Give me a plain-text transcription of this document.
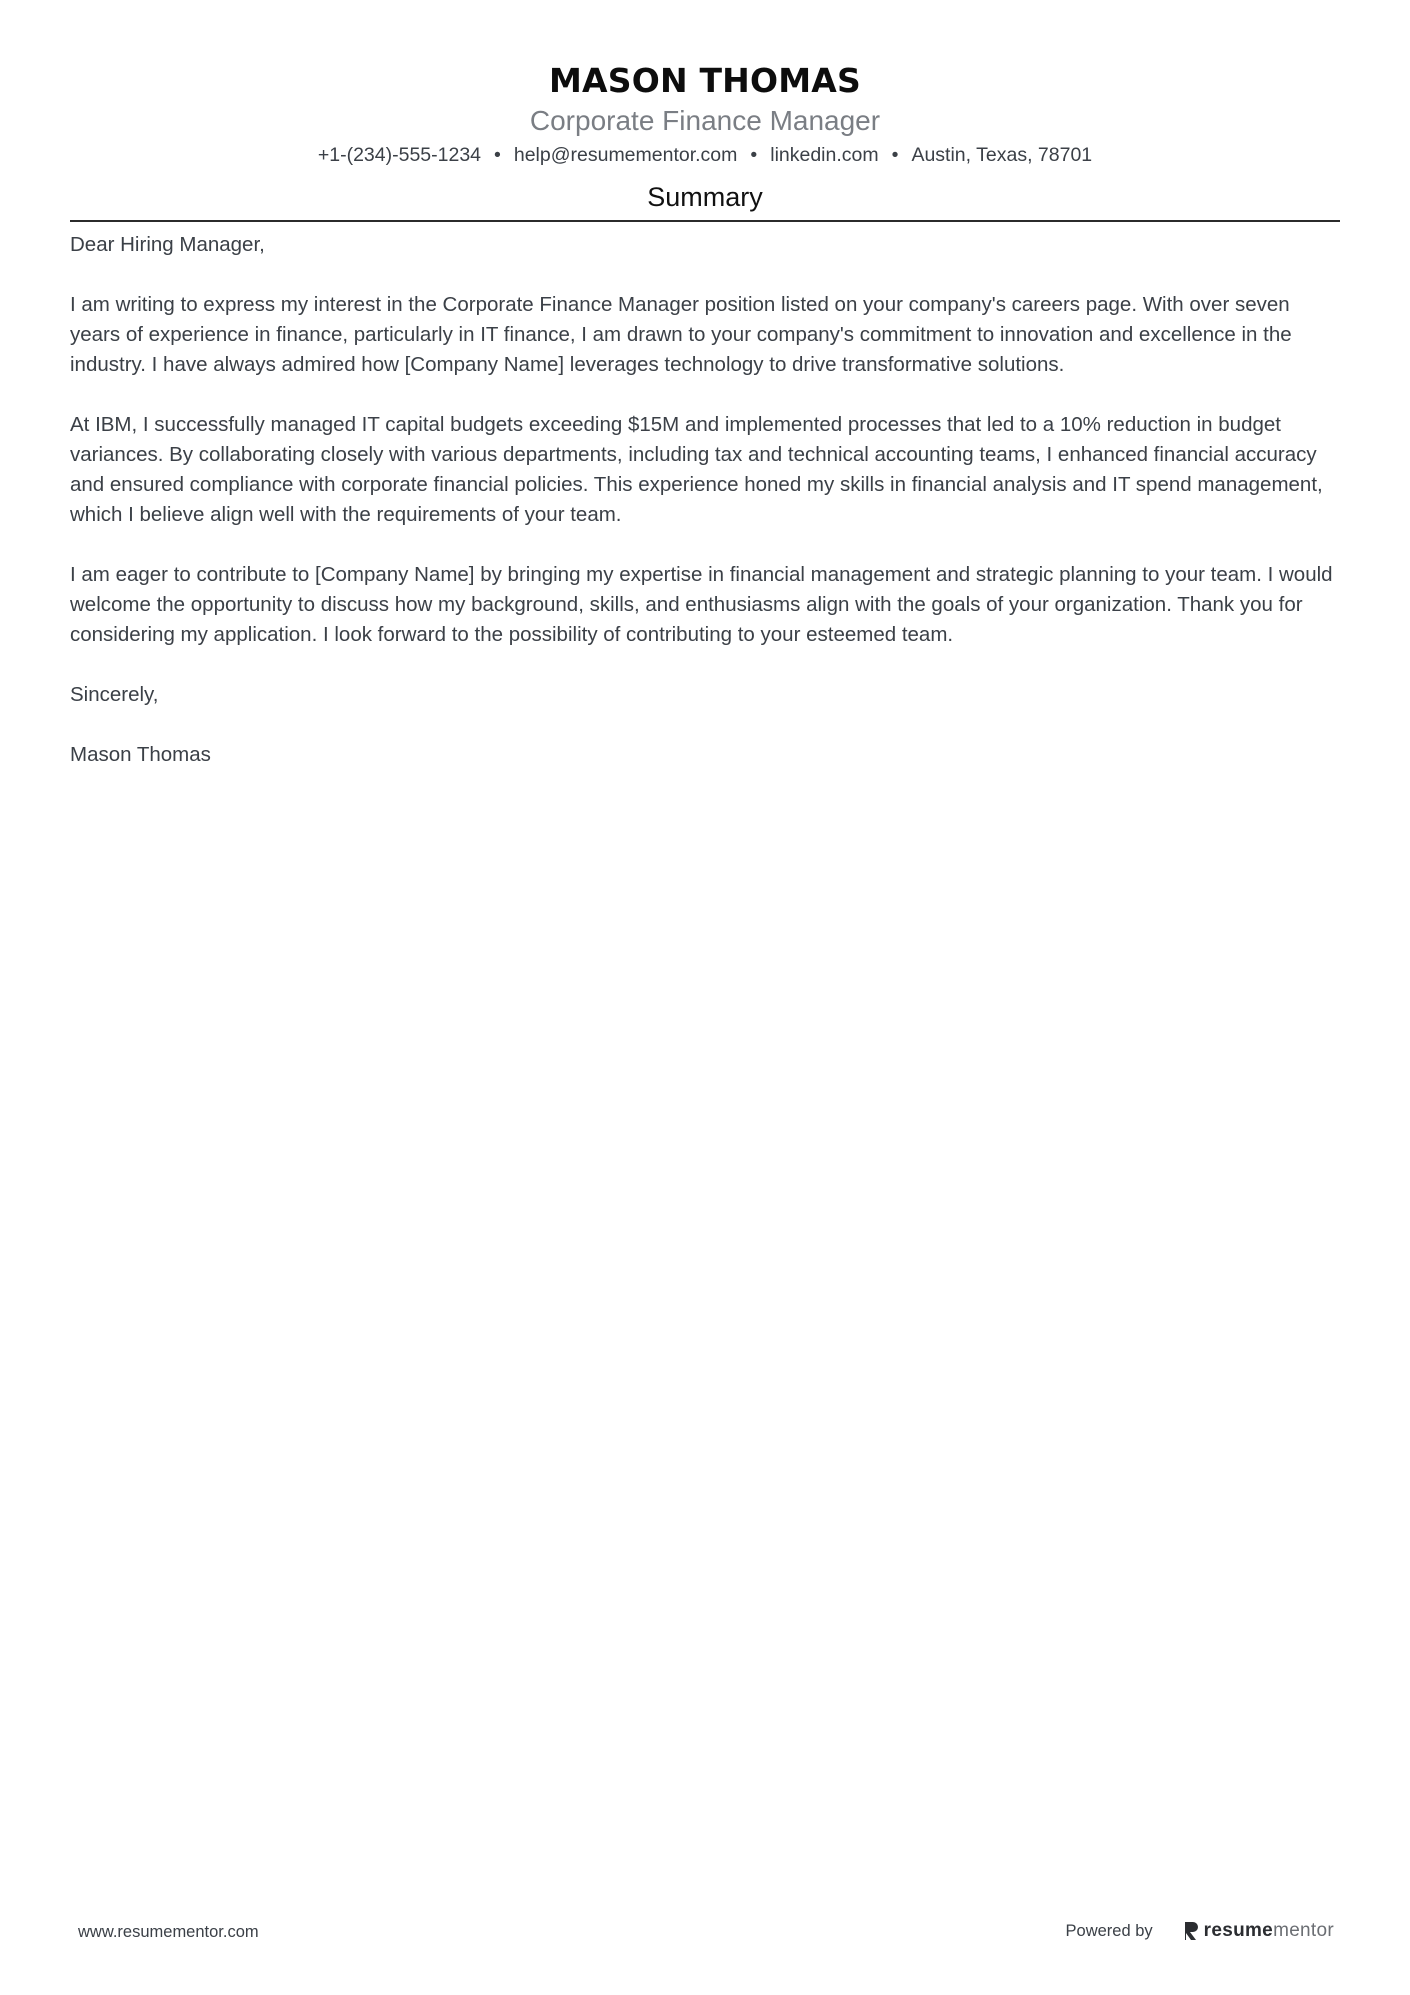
MASON THOMAS
Corporate Finance Manager
+1-(234)-555-1234 • help@resumementor.com • linkedin.com • Austin, Texas, 78701
Summary

Dear Hiring Manager,

I am writing to express my interest in the Corporate Finance Manager position listed on your company's careers page. With over seven years of experience in finance, particularly in IT finance, I am drawn to your company's commitment to innovation and excellence in the industry. I have always admired how [Company Name] leverages technology to drive transformative solutions.

At IBM, I successfully managed IT capital budgets exceeding $15M and implemented processes that led to a 10% reduction in budget variances. By collaborating closely with various departments, including tax and technical accounting teams, I enhanced financial accuracy and ensured compliance with corporate financial policies. This experience honed my skills in financial analysis and IT spend management, which I believe align well with the requirements of your team.

I am eager to contribute to [Company Name] by bringing my expertise in financial management and strategic planning to your team. I would welcome the opportunity to discuss how my background, skills, and enthusiasms align with the goals of your organization. Thank you for considering my application. I look forward to the possibility of contributing to your esteemed team.

Sincerely,

Mason Thomas

www.resumementor.com	Powered by	resume mentor
